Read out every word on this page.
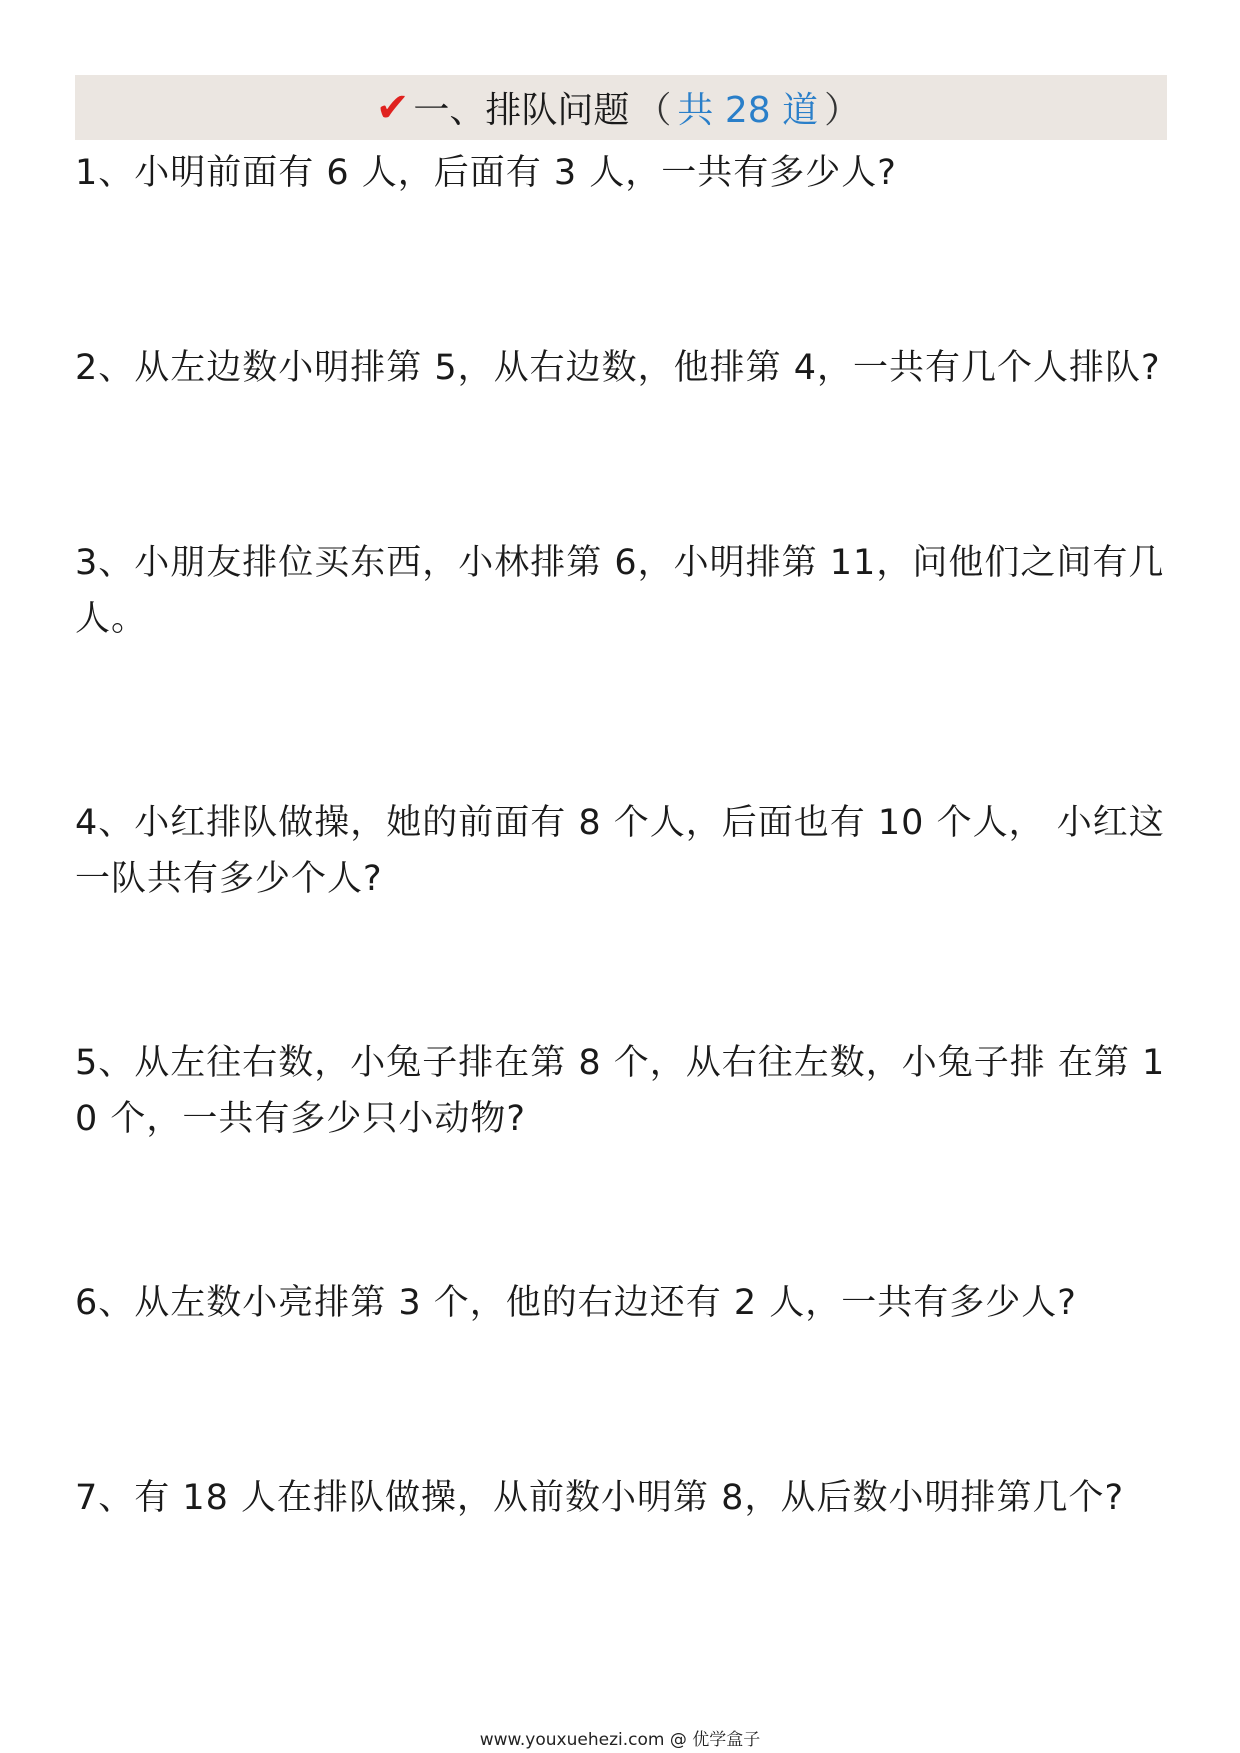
✔ 一、排队问题 （ 共 28 道 ）
1、小明前面有 6 人，后面有 3 人，一共有多少人?
2、从左边数小明排第 5，从右边数，他排第 4，一共有几个人排队?
3、小朋友排位买东西，小林排第 6，小明排第 11，问他们之间有几人。
4、小红排队做操，她的前面有 8 个人，后面也有 10 个人， 小红这一队共有多少个人?
5、从左往右数，小兔子排在第 8 个，从右往左数，小兔子排 在第 10 个，一共有多少只小动物?
6、从左数小亮排第 3 个，他的右边还有 2 人，一共有多少人?
7、有 18 人在排队做操，从前数小明第 8，从后数小明排第几个?
www.youxuehezi.com @ 优学盒子
